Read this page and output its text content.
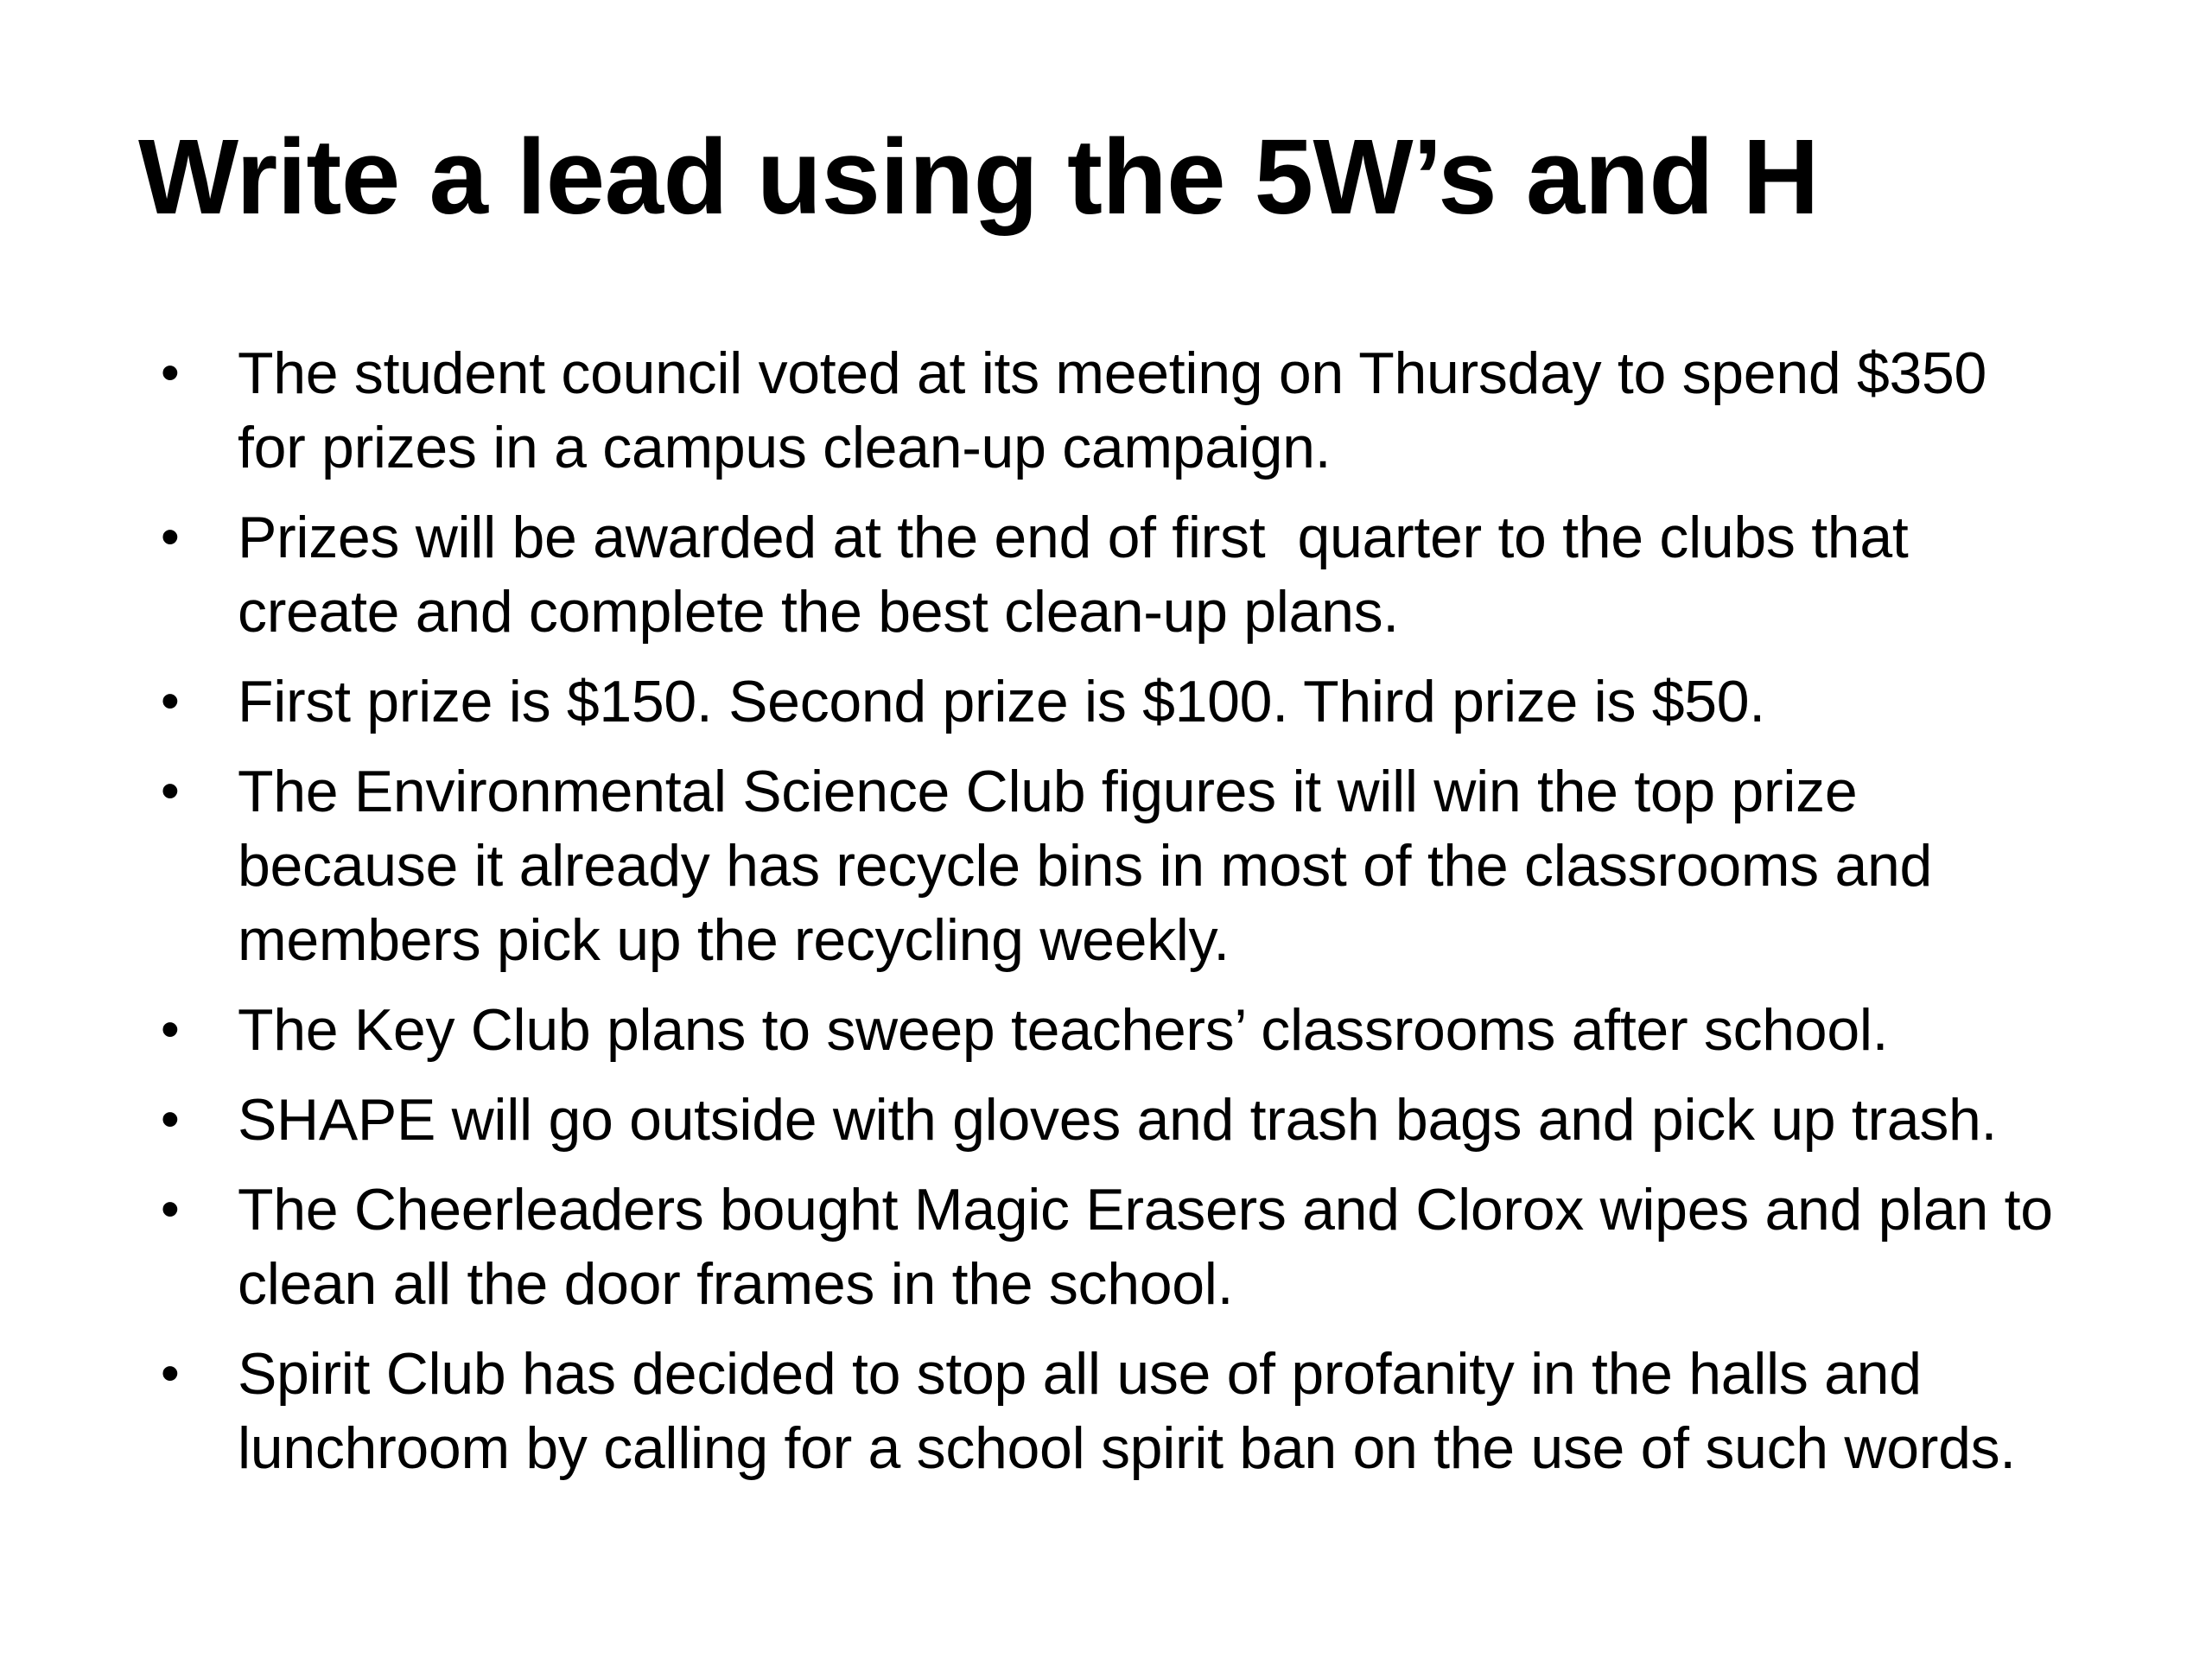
Write a lead using the 5W’s and H
• The student council voted at its meeting on Thursday to spend $350
for prizes in a campus clean-up campaign.
• Prizes will be awarded at the end of first  quarter to the clubs that
create and complete the best clean-up plans.
• First prize is $150. Second prize is $100. Third prize is $50.
• The Environmental Science Club figures it will win the top prize
because it already has recycle bins in most of the classrooms and
members pick up the recycling weekly.
• The Key Club plans to sweep teachers’ classrooms after school.
• SHAPE will go outside with gloves and trash bags and pick up trash.
• The Cheerleaders bought Magic Erasers and Clorox wipes and plan to
clean all the door frames in the school.
• Spirit Club has decided to stop all use of profanity in the halls and
lunchroom by calling for a school spirit ban on the use of such words.
